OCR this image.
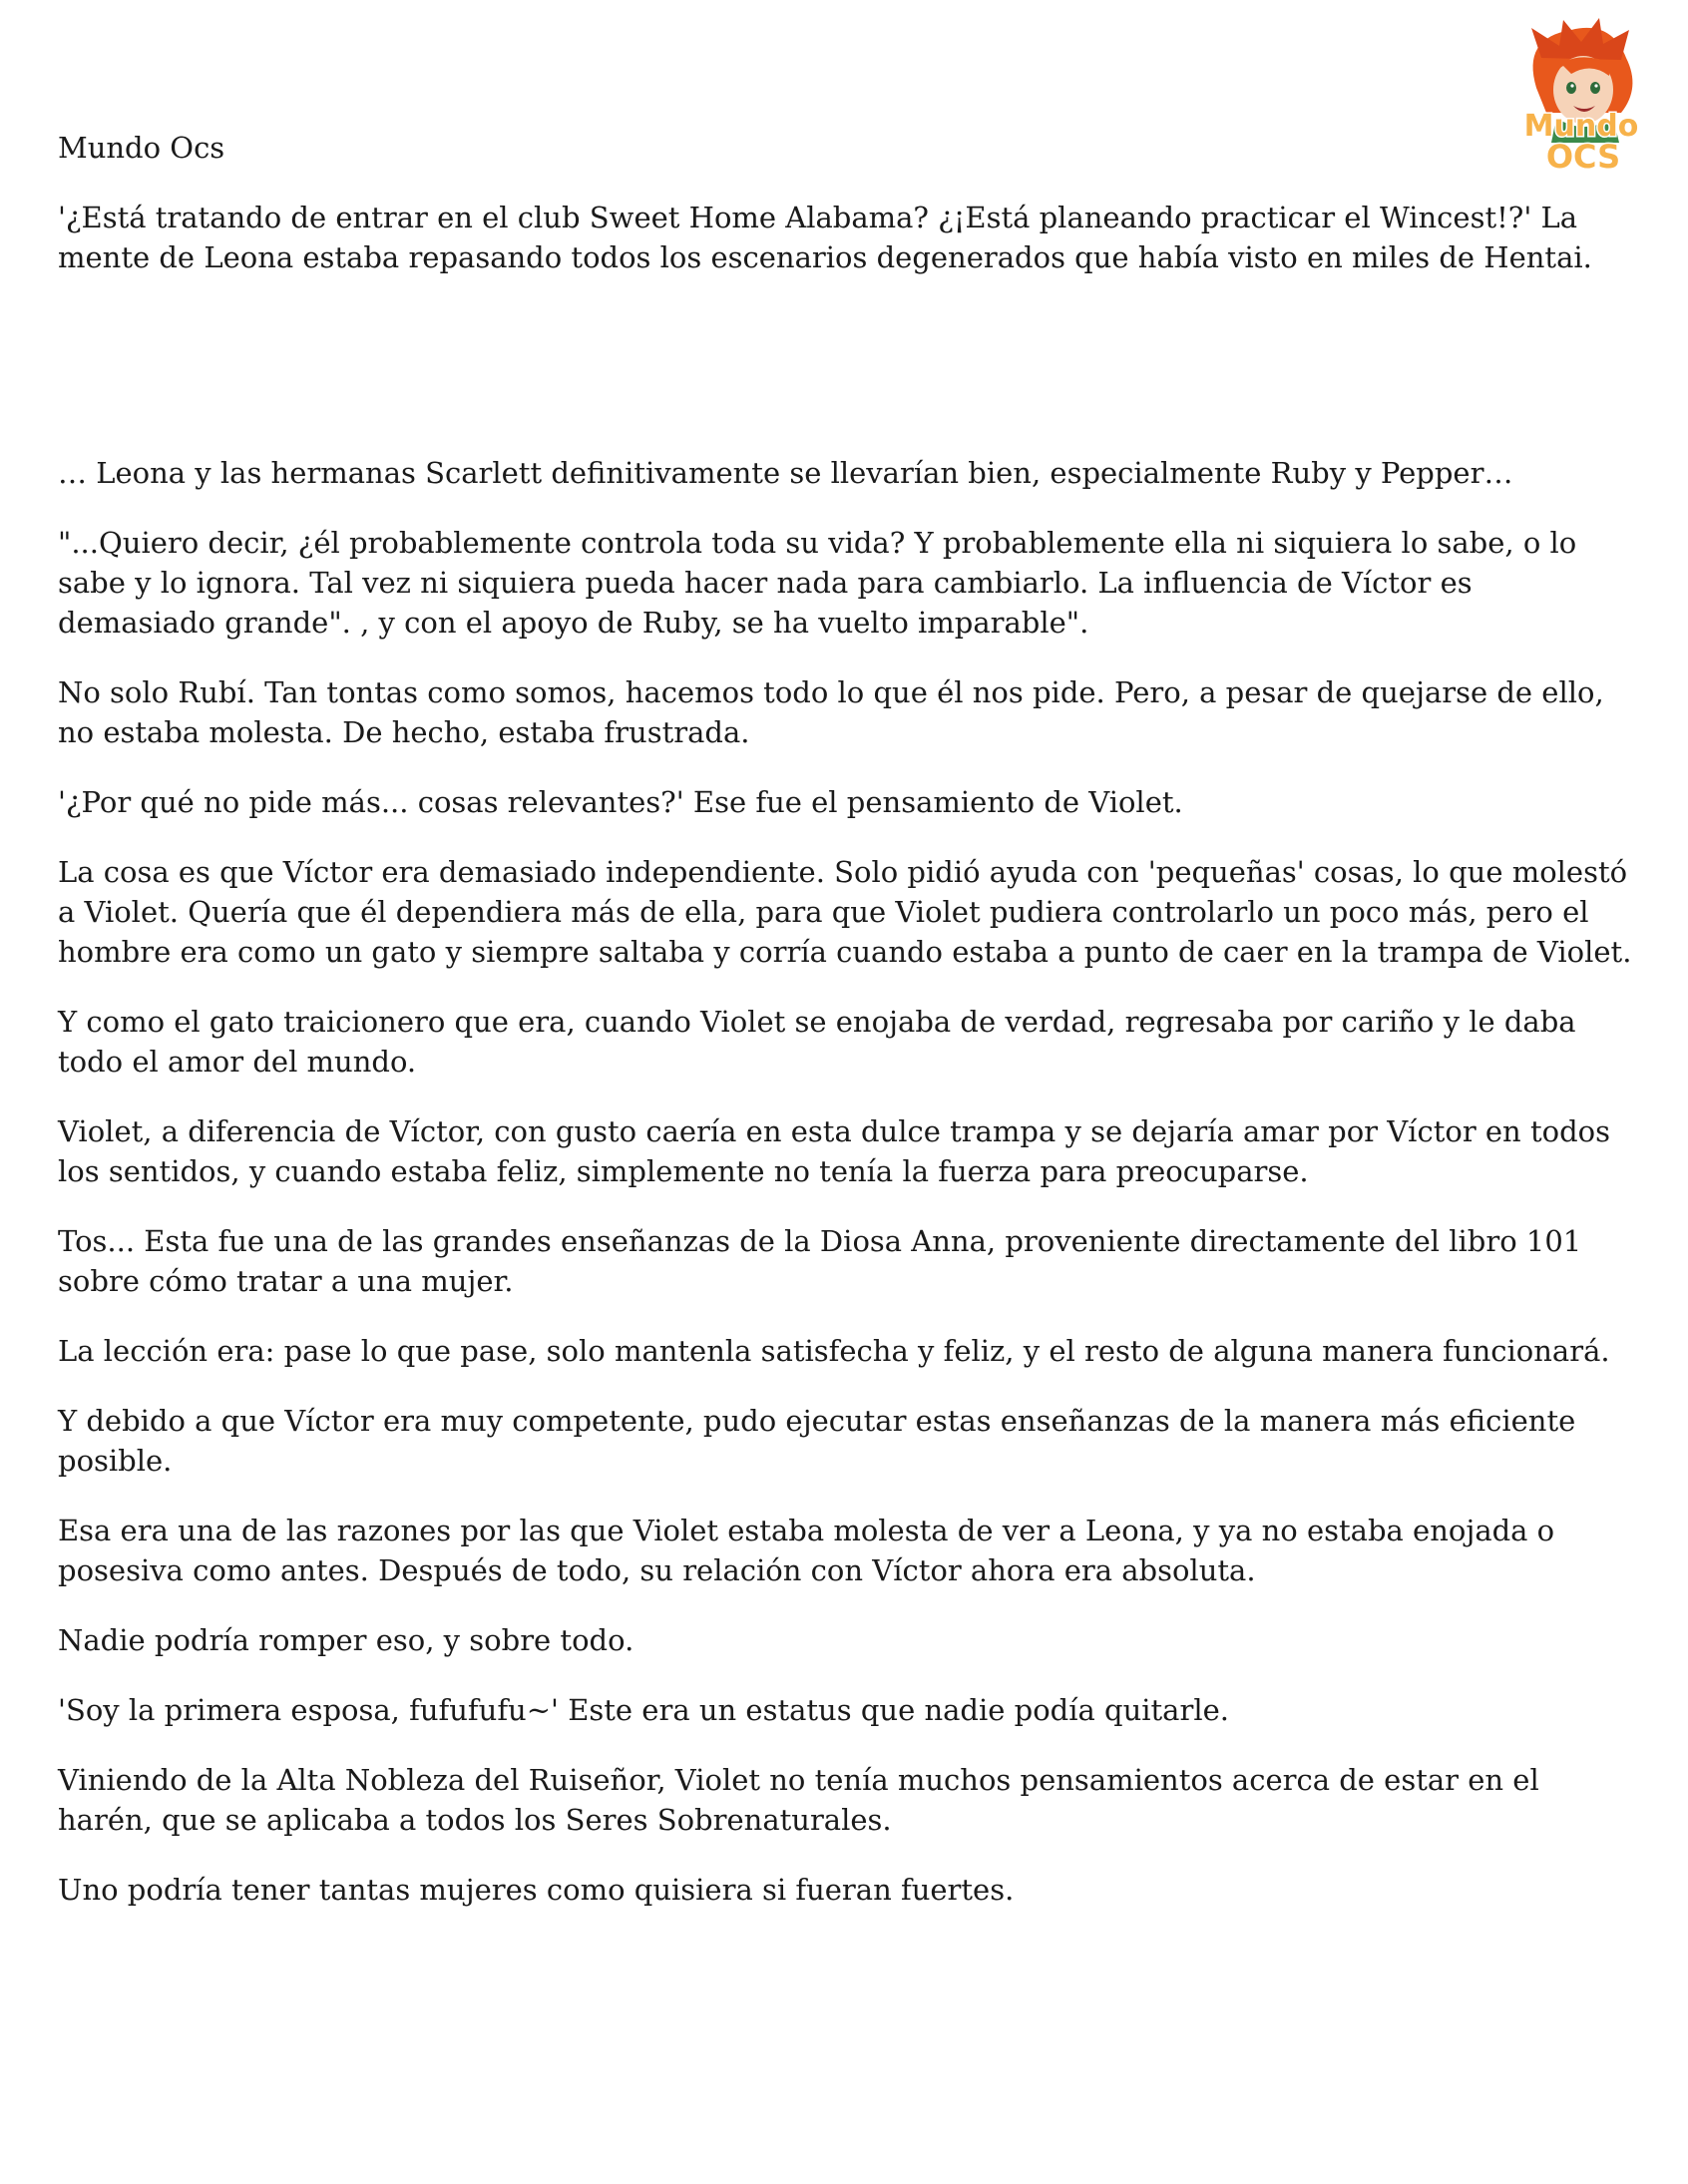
Mundo
OCS

Mundo Ocs

'¿Está tratando de entrar en el club Sweet Home Alabama? ¿¡Está planeando practicar el Wincest!?' La mente de Leona estaba repasando todos los escenarios degenerados que había visto en miles de Hentai.

… Leona y las hermanas Scarlett definitivamente se llevarían bien, especialmente Ruby y Pepper…

"...Quiero decir, ¿él probablemente controla toda su vida? Y probablemente ella ni siquiera lo sabe, o lo sabe y lo ignora. Tal vez ni siquiera pueda hacer nada para cambiarlo. La influencia de Víctor es demasiado grande". , y con el apoyo de Ruby, se ha vuelto imparable".

No solo Rubí. Tan tontas como somos, hacemos todo lo que él nos pide. Pero, a pesar de quejarse de ello, no estaba molesta. De hecho, estaba frustrada.

'¿Por qué no pide más... cosas relevantes?' Ese fue el pensamiento de Violet.

La cosa es que Víctor era demasiado independiente. Solo pidió ayuda con 'pequeñas' cosas, lo que molestó a Violet. Quería que él dependiera más de ella, para que Violet pudiera controlarlo un poco más, pero el hombre era como un gato y siempre saltaba y corría cuando estaba a punto de caer en la trampa de Violet.

Y como el gato traicionero que era, cuando Violet se enojaba de verdad, regresaba por cariño y le daba todo el amor del mundo.

Violet, a diferencia de Víctor, con gusto caería en esta dulce trampa y se dejaría amar por Víctor en todos los sentidos, y cuando estaba feliz, simplemente no tenía la fuerza para preocuparse.

Tos... Esta fue una de las grandes enseñanzas de la Diosa Anna, proveniente directamente del libro 101 sobre cómo tratar a una mujer.

La lección era: pase lo que pase, solo mantenla satisfecha y feliz, y el resto de alguna manera funcionará.

Y debido a que Víctor era muy competente, pudo ejecutar estas enseñanzas de la manera más eficiente posible.

Esa era una de las razones por las que Violet estaba molesta de ver a Leona, y ya no estaba enojada o posesiva como antes. Después de todo, su relación con Víctor ahora era absoluta.

Nadie podría romper eso, y sobre todo.

'Soy la primera esposa, fufufufu~' Este era un estatus que nadie podía quitarle.

Viniendo de la Alta Nobleza del Ruiseñor, Violet no tenía muchos pensamientos acerca de estar en el harén, que se aplicaba a todos los Seres Sobrenaturales.

Uno podría tener tantas mujeres como quisiera si fueran fuertes.
